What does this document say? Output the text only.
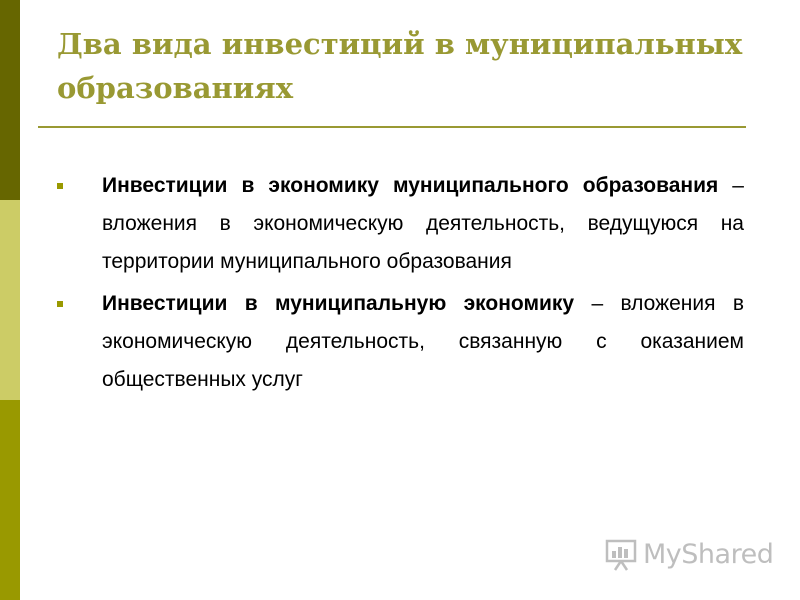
Два вида инвестиций в муниципальных образованиях
Инвестиции в экономику муниципального образования – вложения в экономическую деятельность, ведущуюся на территории муниципального образования
Инвестиции в муниципальную экономику – вложения в экономическую деятельность, связанную с оказанием общественных услуг
MyShared
